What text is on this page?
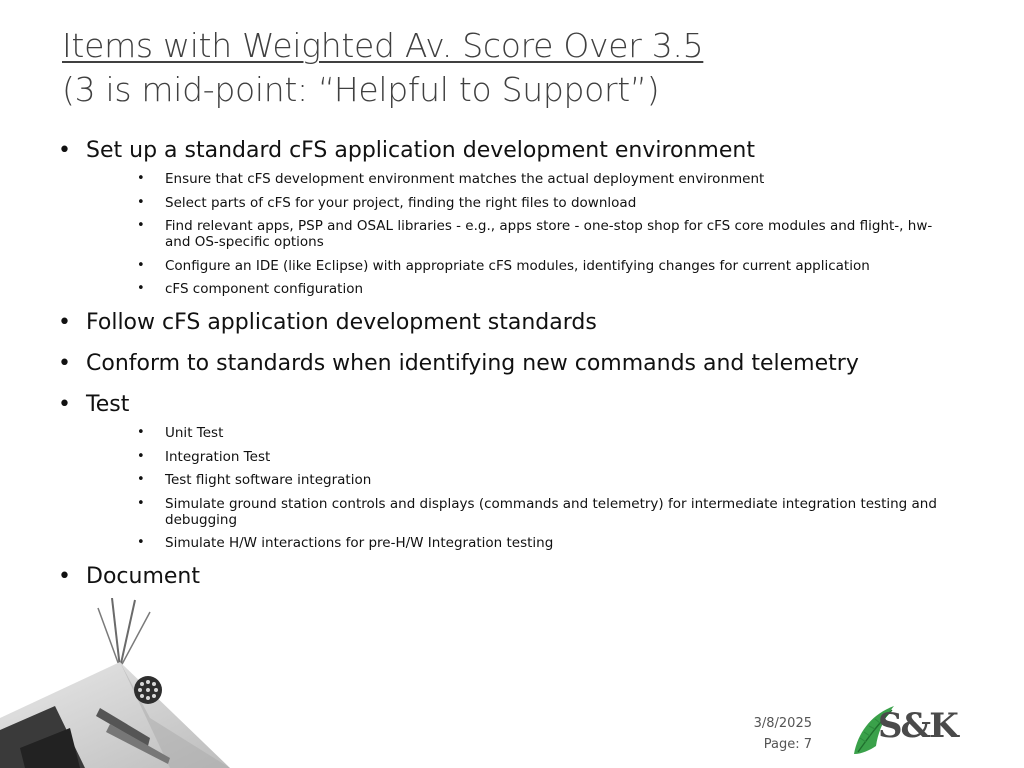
Items with Weighted Av. Score Over 3.5
(3 is mid-point: “Helpful to Support”)
• Set up a standard cFS application development environment
• Ensure that cFS development environment matches the actual deployment environment
• Select parts of cFS for your project, finding the right files to download
• Find relevant apps, PSP and OSAL libraries - e.g., apps store - one-stop shop for cFS core modules and flight-, hw- and OS-specific options
• Configure an IDE (like Eclipse) with appropriate cFS modules, identifying changes for current application
• cFS component configuration
• Follow cFS application development standards
• Conform to standards when identifying new commands and telemetry
• Test
• Unit Test
• Integration Test
• Test flight software integration
• Simulate ground station controls and displays (commands and telemetry) for intermediate integration testing and debugging
• Simulate H/W interactions for pre-H/W Integration testing
• Document
3/8/2025
Page: 7 S&K
